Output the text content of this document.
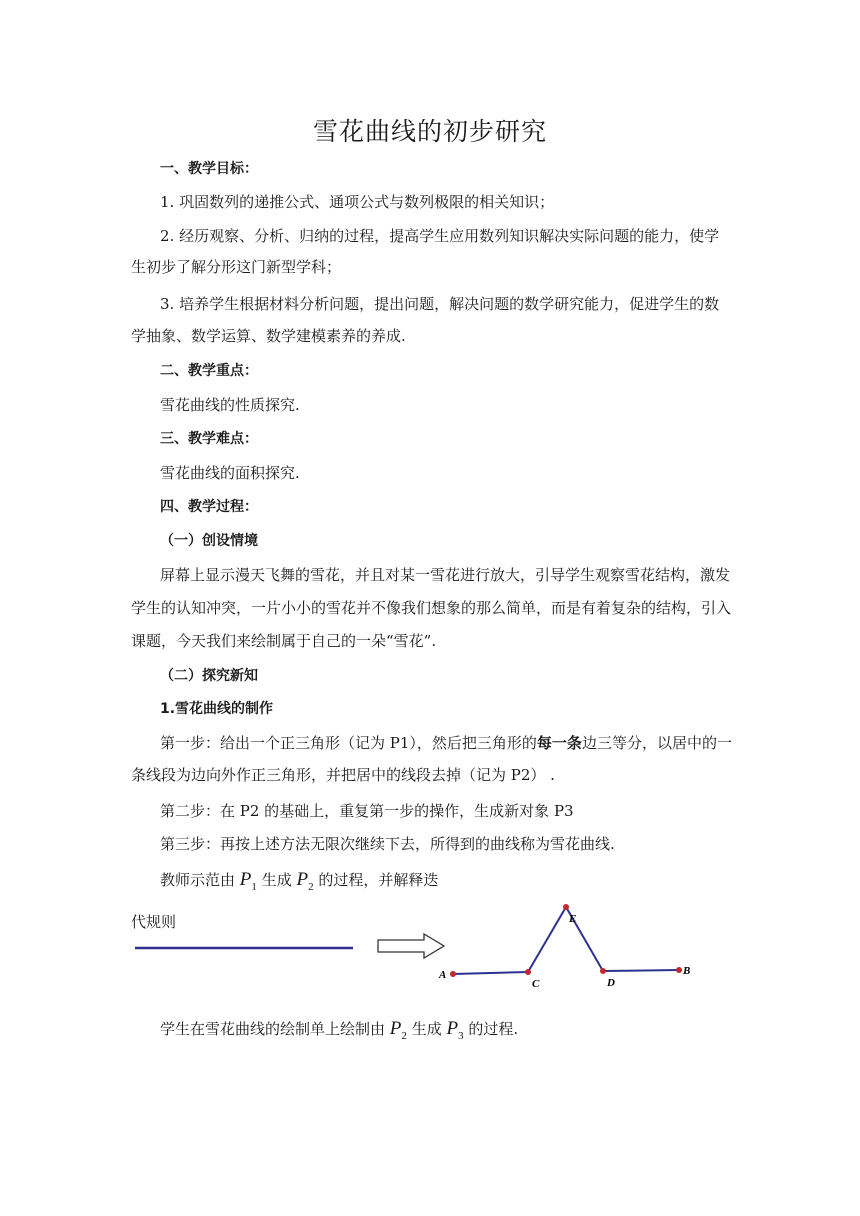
雪花曲线的初步研究
一、教学目标：
1. 巩固数列的递推公式、通项公式与数列极限的相关知识；
2. 经历观察、分析、归纳的过程，提高学生应用数列知识解决实际问题的能力，使学
生初步了解分形这门新型学科；
3. 培养学生根据材料分析问题，提出问题，解决问题的数学研究能力，促进学生的数
学抽象、数学运算、数学建模素养的养成.
二、教学重点：
雪花曲线的性质探究.
三、教学难点：
雪花曲线的面积探究.
四、教学过程：
（一）创设情境
屏幕上显示漫天飞舞的雪花，并且对某一雪花进行放大，引导学生观察雪花结构，激发
学生的认知冲突，一片小小的雪花并不像我们想象的那么简单，而是有着复杂的结构，引入
课题，今天我们来绘制属于自己的一朵“雪花”.
（二）探究新知
1.雪花曲线的制作
第一步：给出一个正三角形（记为 P1），然后把三角形的每一条边三等分，以居中的一
条线段为边向外作正三角形，并把居中的线段去掉（记为 P2） .
第二步：在 P2 的基础上，重复第一步的操作，生成新对象 P3
第三步：再按上述方法无限次继续下去，所得到的曲线称为雪花曲线.
教师示范由 $P_1$ 生成 $P_2$ 的过程，并解释迭
代规则
A
C
E
D
B
学生在雪花曲线的绘制单上绘制由 $P_2$ 生成 $P_3$ 的过程.
